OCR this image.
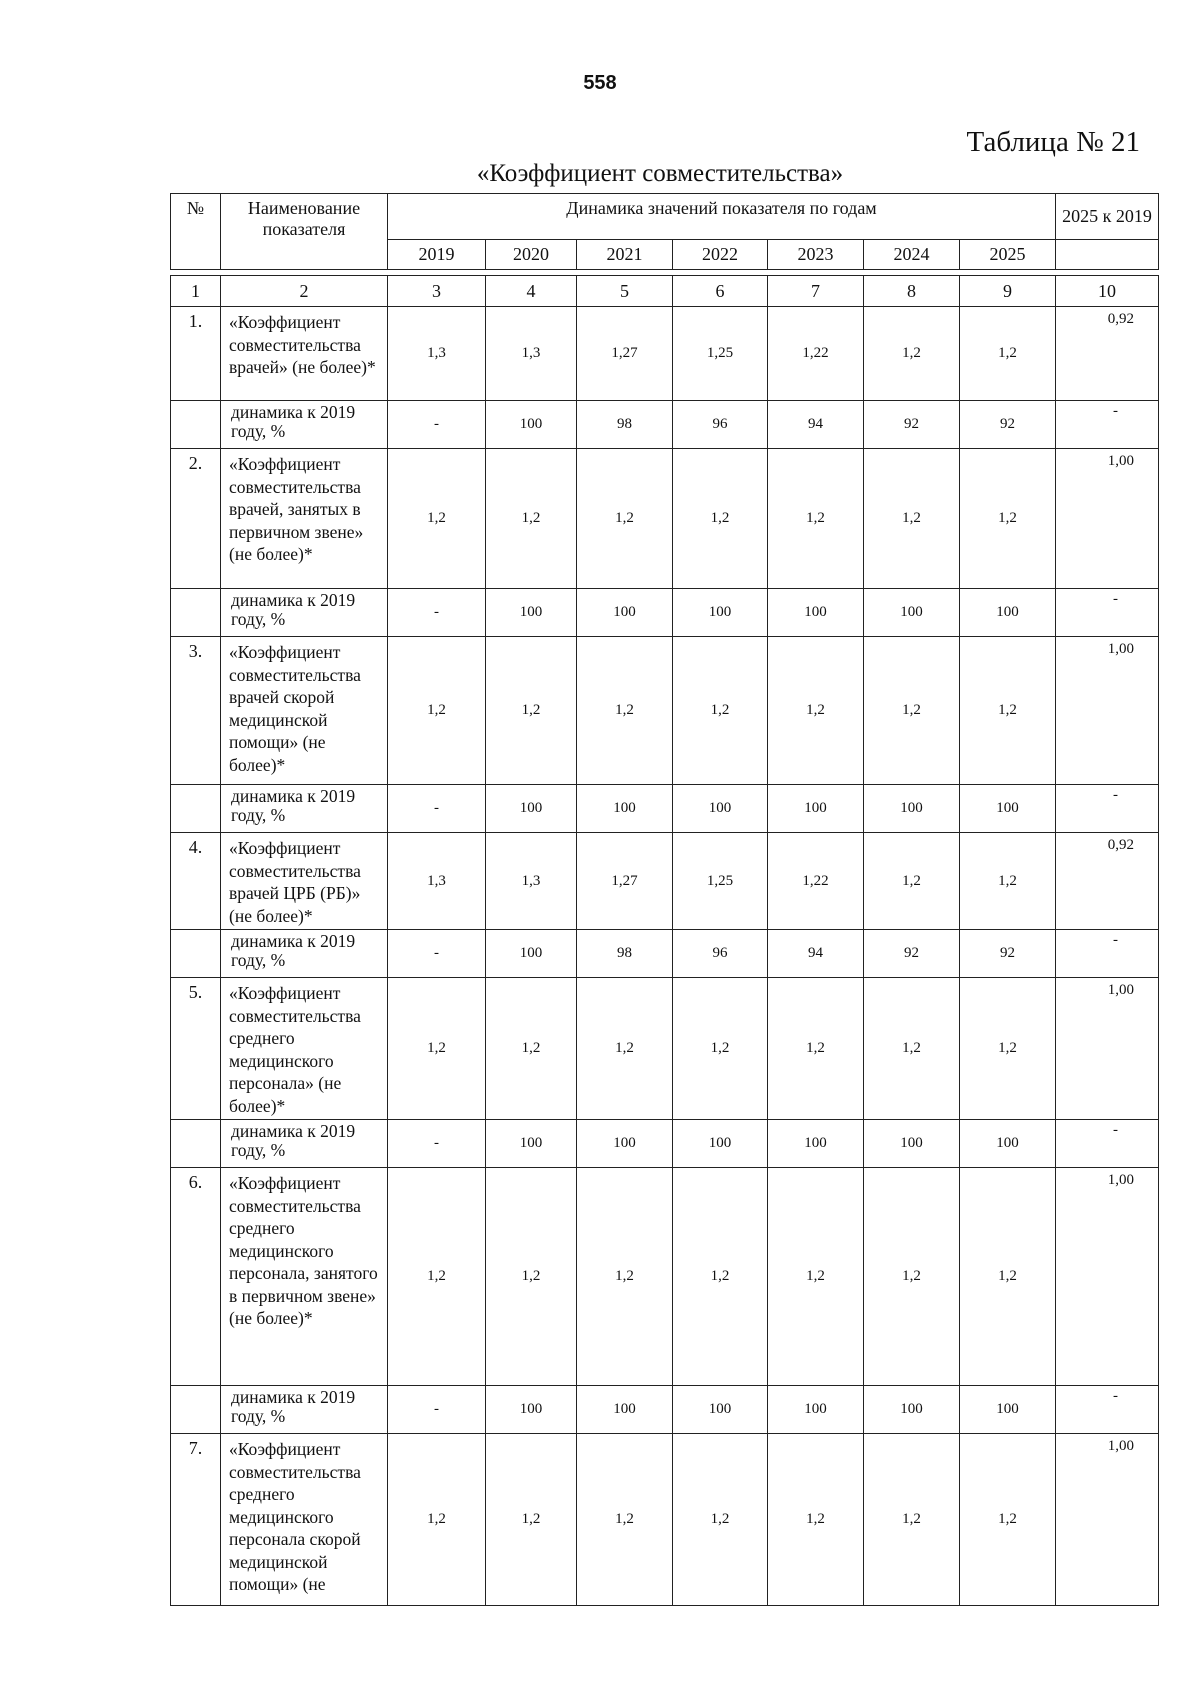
558
Таблица № 21
«Коэффициент совместительства»
№	Наименование показателя	Динамика значений показателя по годам							2025 к 2019
		2019	2020	2021	2022	2023	2024	2025	

1	2	3	4	5	6	7	8	9	10
1.	«Коэффициент совместительства врачей» (не более)*	1,3	1,3	1,27	1,25	1,22	1,2	1,2	0,92
	динамика к 2019 году, %	-	100	98	96	94	92	92	-
2.	«Коэффициент совместительства врачей, занятых в первичном звене» (не более)*	1,2	1,2	1,2	1,2	1,2	1,2	1,2	1,00
	динамика к 2019 году, %	-	100	100	100	100	100	100	-
3.	«Коэффициент совместительства врачей скорой медицинской помощи» (не более)*	1,2	1,2	1,2	1,2	1,2	1,2	1,2	1,00
	динамика к 2019 году, %	-	100	100	100	100	100	100	-
4.	«Коэффициент совместительства врачей ЦРБ (РБ)» (не более)*	1,3	1,3	1,27	1,25	1,22	1,2	1,2	0,92
	динамика к 2019 году, %	-	100	98	96	94	92	92	-
5.	«Коэффициент совместительства среднего медицинского персонала» (не более)*	1,2	1,2	1,2	1,2	1,2	1,2	1,2	1,00
	динамика к 2019 году, %	-	100	100	100	100	100	100	-
6.	«Коэффициент совместительства среднего медицинского персонала, занятого в первичном звене» (не более)*	1,2	1,2	1,2	1,2	1,2	1,2	1,2	1,00
	динамика к 2019 году, %	-	100	100	100	100	100	100	-
7.	«Коэффициент совместительства среднего медицинского персонала скорой медицинской помощи» (не	1,2	1,2	1,2	1,2	1,2	1,2	1,2	1,00
